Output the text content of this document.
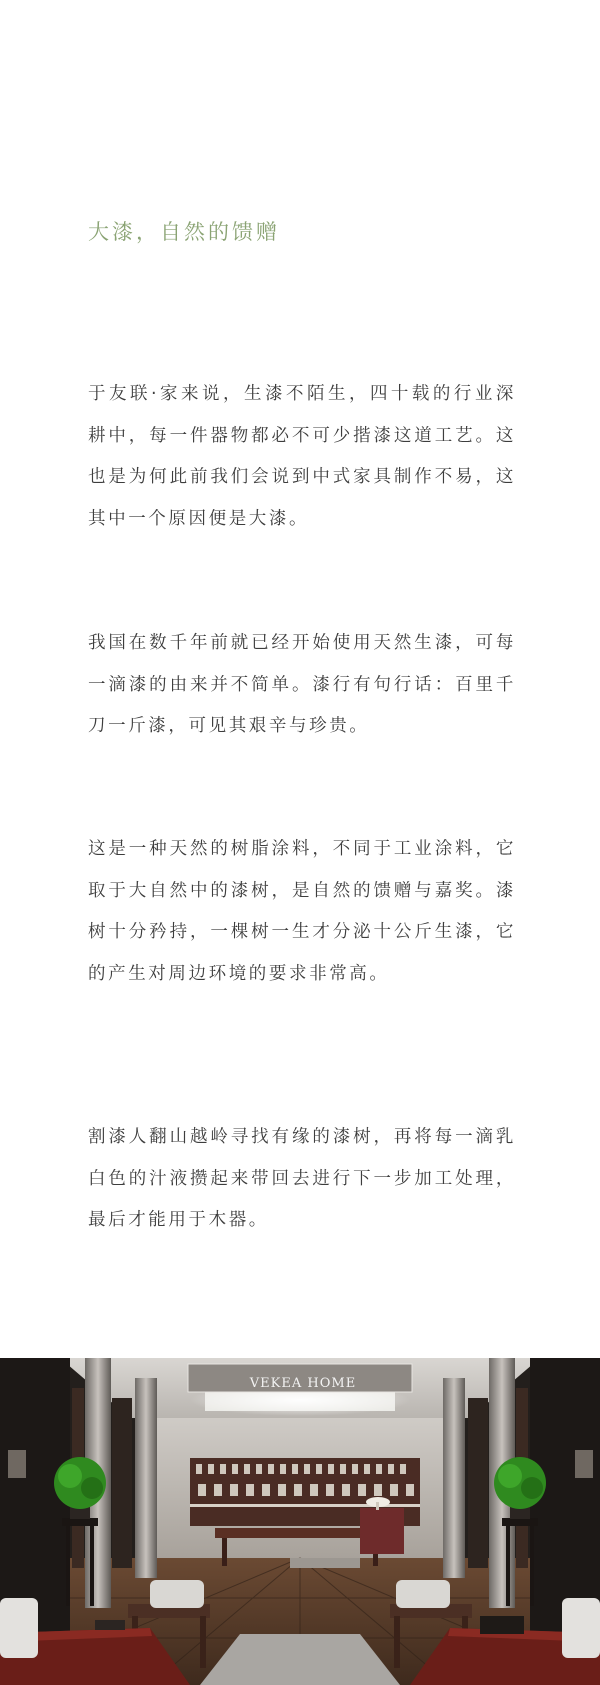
大漆，自然的馈赠

于友联·家来说，生漆不陌生，四十载的行业深耕中，每一件器物都必不可少揩漆这道工艺。这也是为何此前我们会说到中式家具制作不易，这其中一个原因便是大漆。

我国在数千年前就已经开始使用天然生漆，可每一滴漆的由来并不简单。漆行有句行话：百里千刀一斤漆，可见其艰辛与珍贵。

这是一种天然的树脂涂料，不同于工业涂料，它取于大自然中的漆树，是自然的馈赠与嘉奖。漆树十分矜持，一棵树一生才分泌十公斤生漆，它的产生对周边环境的要求非常高。

割漆人翻山越岭寻找有缘的漆树，再将每一滴乳白色的汁液攒起来带回去进行下一步加工处理，最后才能用于木器。

VEKEA HOME
